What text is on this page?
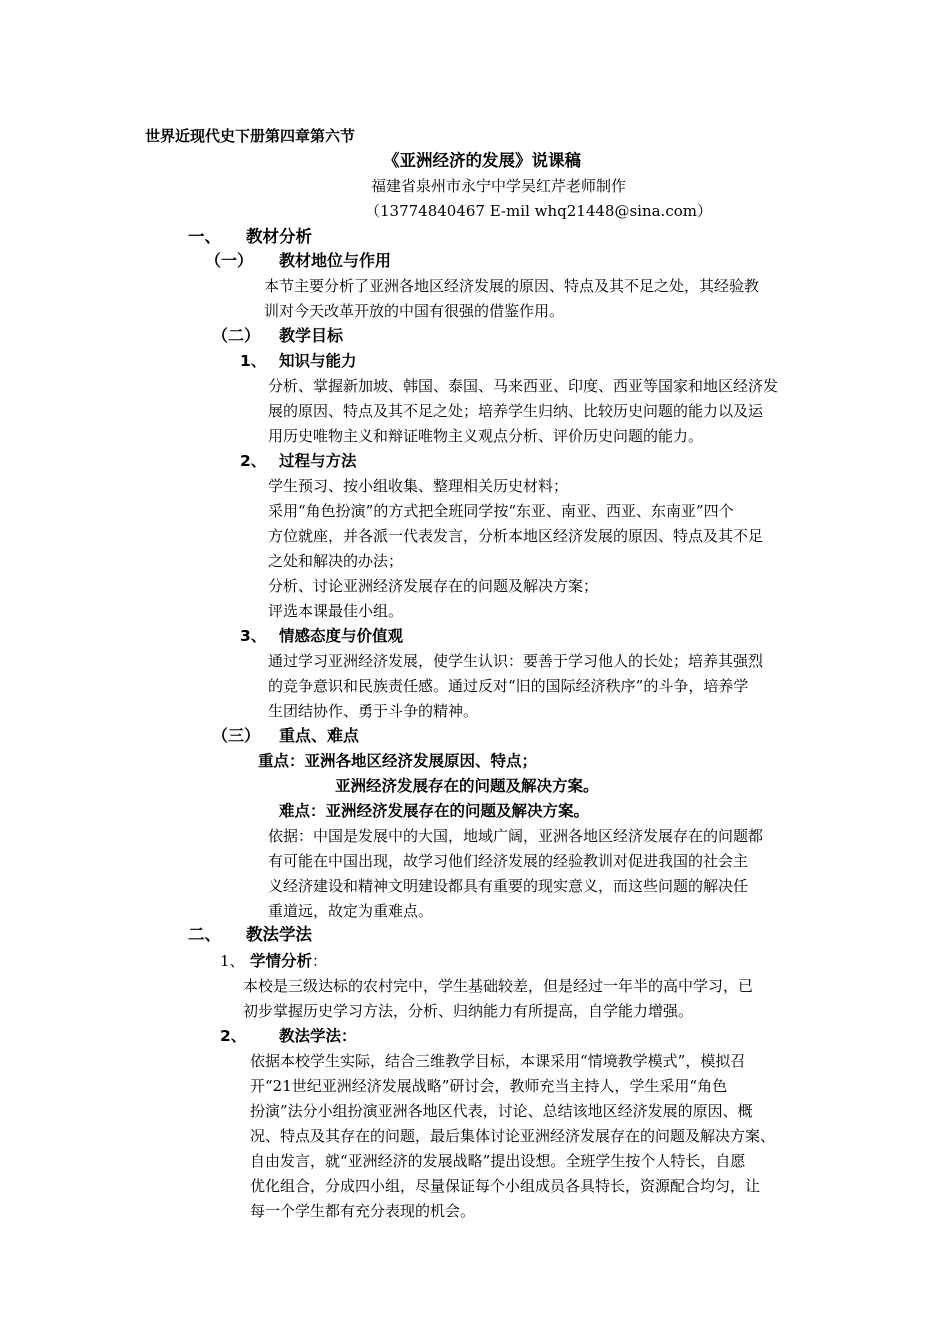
世界近现代史下册第四章第六节
《亚洲经济的发展》说课稿
福建省泉州市永宁中学吴红芹老师制作
（13774840467 E-mil whq21448@sina.com）
一、 教材分析
（一） 教材地位与作用
本节主要分析了亚洲各地区经济发展的原因、特点及其不足之处，其经验教
训对今天改革开放的中国有很强的借鉴作用。
（二） 教学目标
1、 知识与能力
分析、掌握新加坡、韩国、泰国、马来西亚、印度、西亚等国家和地区经济发
展的原因、特点及其不足之处；培养学生归纳、比较历史问题的能力以及运
用历史唯物主义和辩证唯物主义观点分析、评价历史问题的能力。
2、 过程与方法
学生预习、按小组收集、整理相关历史材料；
采用“角色扮演”的方式把全班同学按“东亚、南亚、西亚、东南亚”四个
方位就座，并各派一代表发言，分析本地区经济发展的原因、特点及其不足
之处和解决的办法；
分析、讨论亚洲经济发展存在的问题及解决方案；
评选本课最佳小组。
3、 情感态度与价值观
通过学习亚洲经济发展，使学生认识：要善于学习他人的长处；培养其强烈
的竞争意识和民族责任感。通过反对“旧的国际经济秩序”的斗争，培养学
生团结协作、勇于斗争的精神。
（三） 重点、难点
重点：亚洲各地区经济发展原因、特点；
亚洲经济发展存在的问题及解决方案。
难点：亚洲经济发展存在的问题及解决方案。
依据：中国是发展中的大国，地域广阔，亚洲各地区经济发展存在的问题都
有可能在中国出现，故学习他们经济发展的经验教训对促进我国的社会主
义经济建设和精神文明建设都具有重要的现实意义，而这些问题的解决任
重道远，故定为重难点。
二、 教法学法
1、 学情分析：
本校是三级达标的农村完中，学生基础较差，但是经过一年半的高中学习，已
初步掌握历史学习方法，分析、归纳能力有所提高，自学能力增强。
2、 教法学法：
依据本校学生实际，结合三维教学目标，本课采用“情境教学模式”，模拟召
开“21世纪亚洲经济发展战略”研讨会，教师充当主持人，学生采用“角色
扮演”法分小组扮演亚洲各地区代表，讨论、总结该地区经济发展的原因、概
况、特点及其存在的问题，最后集体讨论亚洲经济发展存在的问题及解决方案、
自由发言，就“亚洲经济的发展战略”提出设想。全班学生按个人特长，自愿
优化组合，分成四小组，尽量保证每个小组成员各具特长，资源配合均匀，让
每一个学生都有充分表现的机会。
